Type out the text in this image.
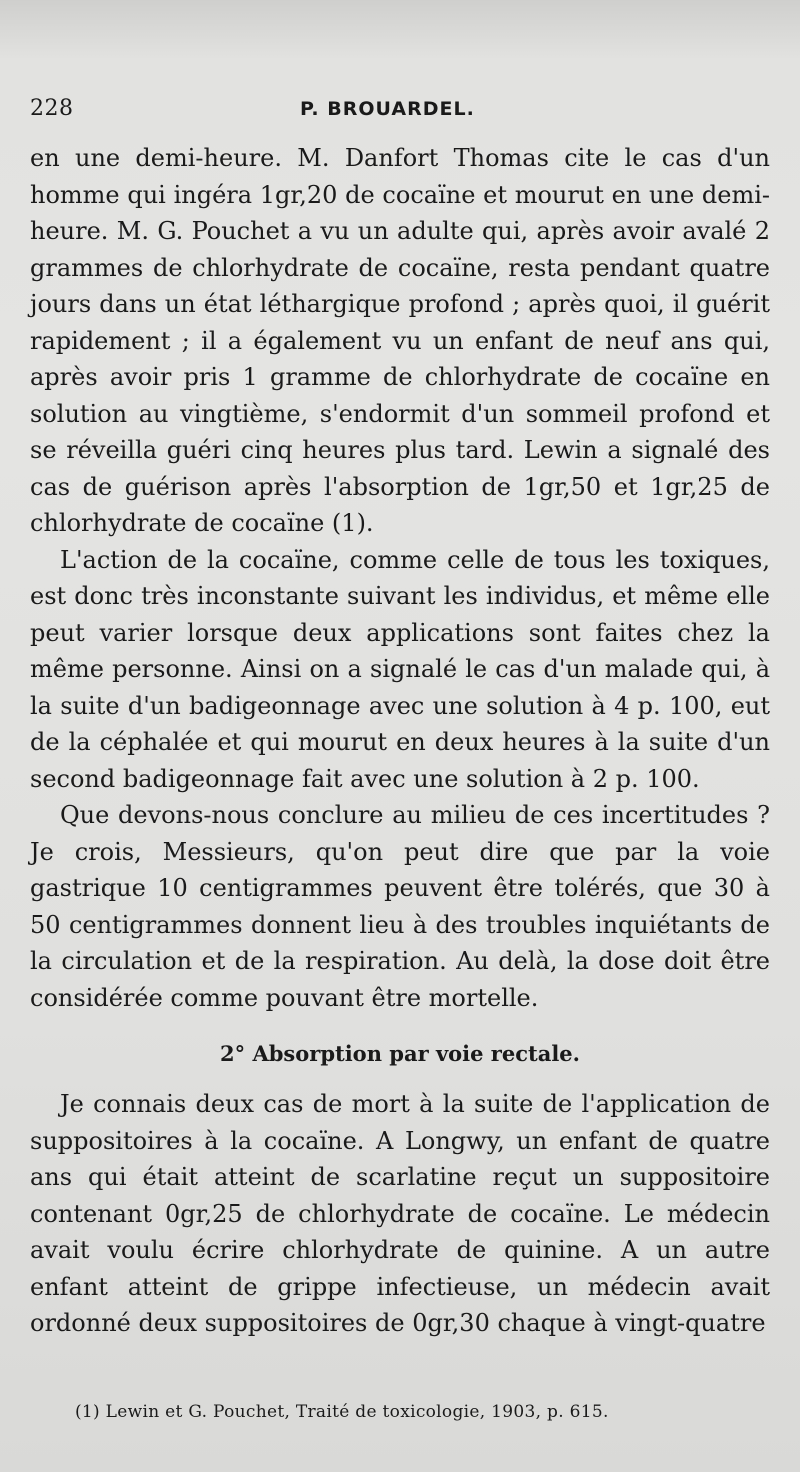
228	P. BROUARDEL.

en une demi-heure. M. Danfort Thomas cite le cas d'un homme qui ingéra 1gr,20 de cocaïne et mourut en une demi-heure. M. G. Pouchet a vu un adulte qui, après avoir avalé 2 grammes de chlorhydrate de cocaïne, resta pendant quatre jours dans un état léthargique profond ; après quoi, il guérit rapidement ; il a également vu un enfant de neuf ans qui, après avoir pris 1 gramme de chlorhydrate de cocaïne en solution au vingtième, s'endormit d'un sommeil profond et se réveilla guéri cinq heures plus tard. Lewin a signalé des cas de guérison après l'absorption de 1gr,50 et 1gr,25 de chlorhydrate de cocaïne (1).

L'action de la cocaïne, comme celle de tous les toxiques, est donc très inconstante suivant les individus, et même elle peut varier lorsque deux applications sont faites chez la même personne. Ainsi on a signalé le cas d'un malade qui, à la suite d'un badigeonnage avec une solution à 4 p. 100, eut de la céphalée et qui mourut en deux heures à la suite d'un second badigeonnage fait avec une solution à 2 p. 100.

Que devons-nous conclure au milieu de ces incertitudes ? Je crois, Messieurs, qu'on peut dire que par la voie gastrique 10 centigrammes peuvent être tolérés, que 30 à 50 centigrammes donnent lieu à des troubles inquiétants de la circulation et de la respiration. Au delà, la dose doit être considérée comme pouvant être mortelle.

2° Absorption par voie rectale.

Je connais deux cas de mort à la suite de l'application de suppositoires à la cocaïne. A Longwy, un enfant de quatre ans qui était atteint de scarlatine reçut un suppositoire contenant 0gr,25 de chlorhydrate de cocaïne. Le médecin avait voulu écrire chlorhydrate de quinine. A un autre enfant atteint de grippe infectieuse, un médecin avait ordonné deux suppositoires de 0gr,30 chaque à vingt-quatre

(1) Lewin et G. Pouchet, Traité de toxicologie, 1903, p. 615.
